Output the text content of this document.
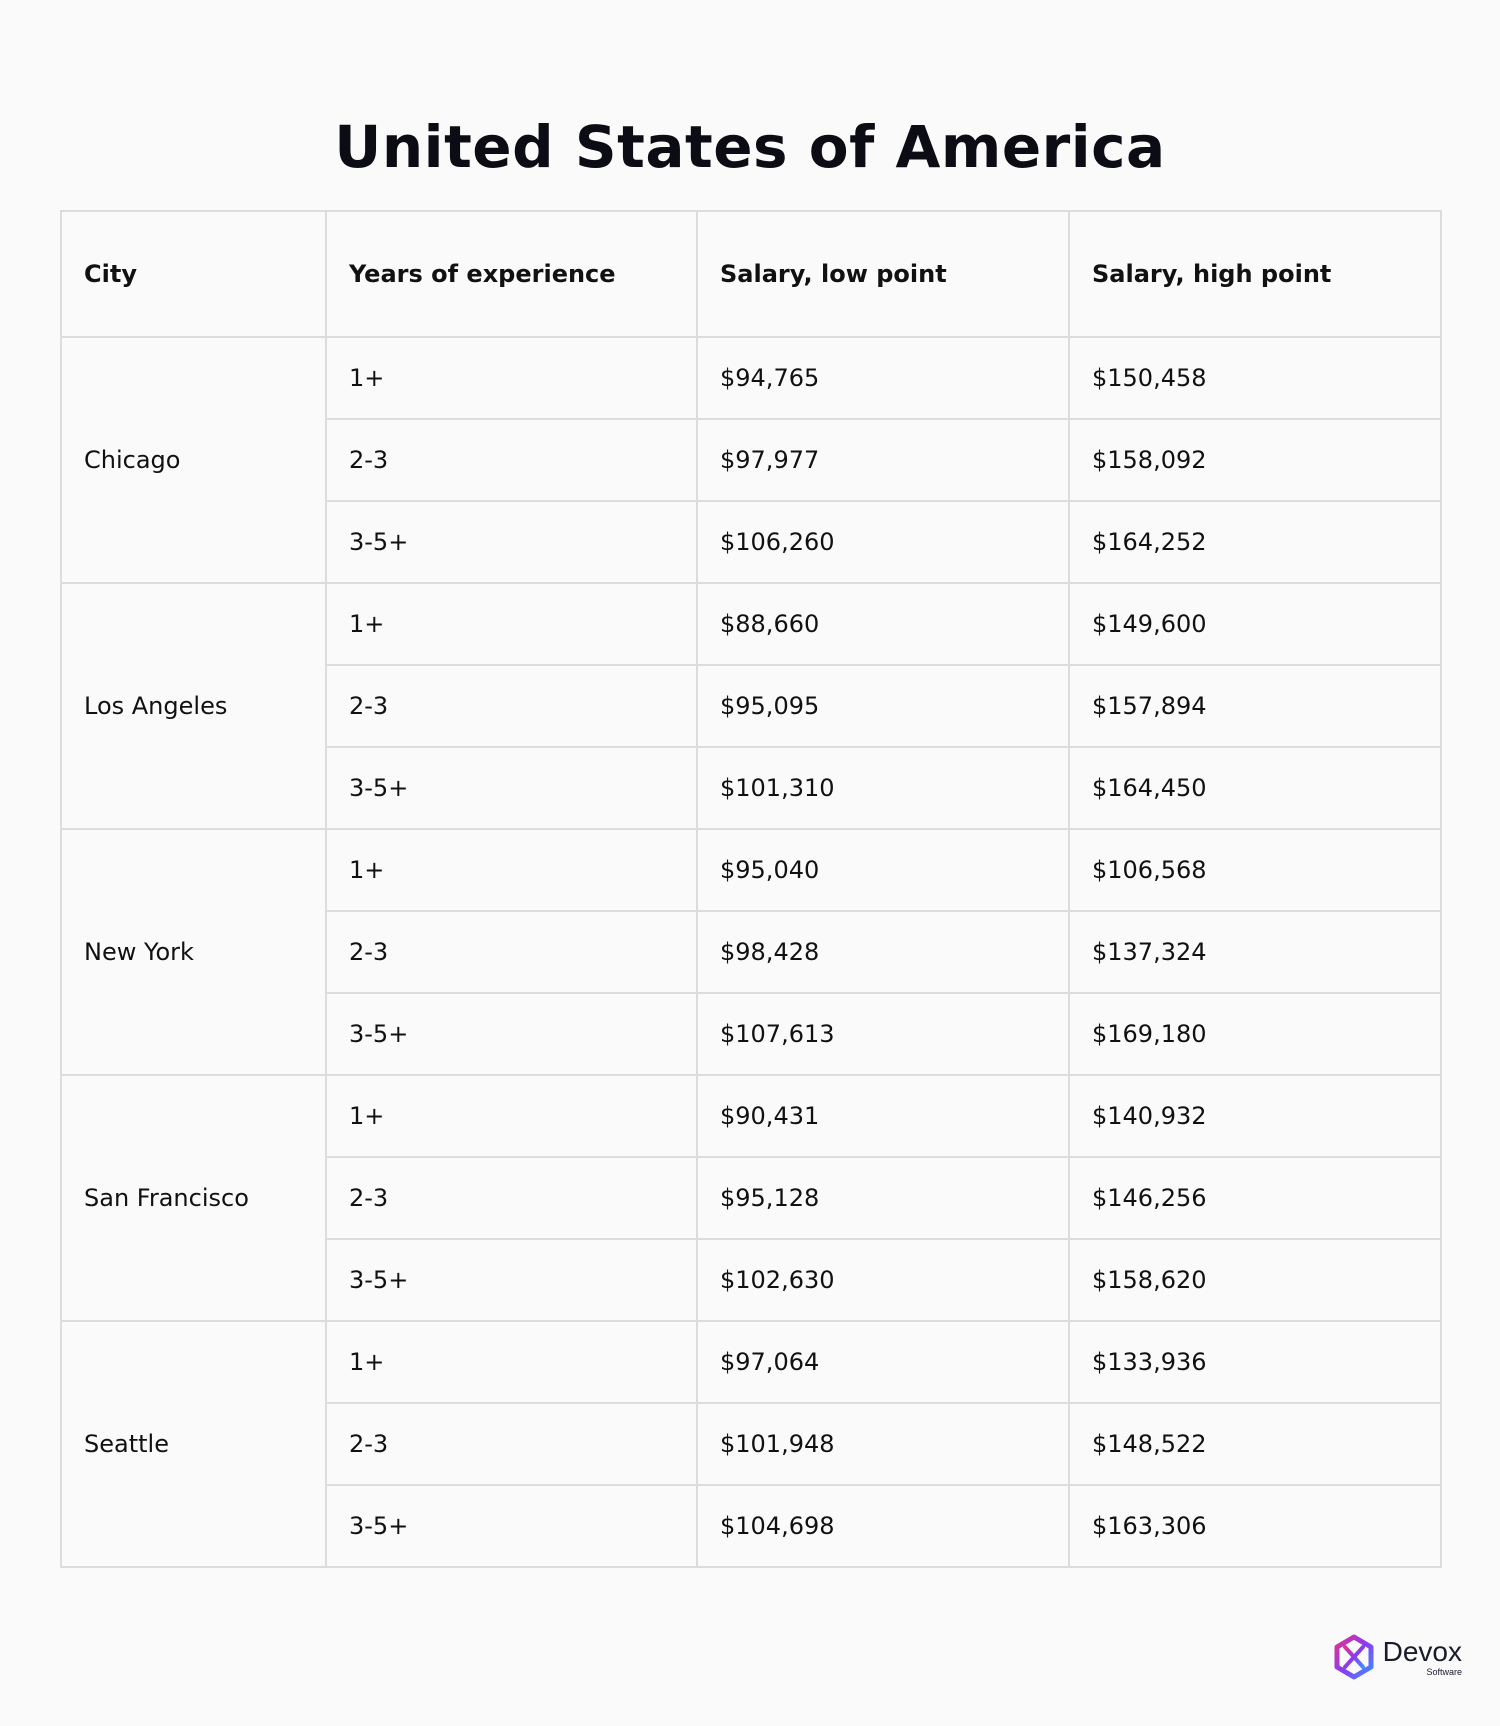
United States of America
City	Years of experience	Salary, low point	Salary, high point
Chicago	1+	$94,765	$150,458
	2-3	$97,977	$158,092
	3-5+	$106,260	$164,252
Los Angeles	1+	$88,660	$149,600
	2-3	$95,095	$157,894
	3-5+	$101,310	$164,450
New York	1+	$95,040	$106,568
	2-3	$98,428	$137,324
	3-5+	$107,613	$169,180
San Francisco	1+	$90,431	$140,932
	2-3	$95,128	$146,256
	3-5+	$102,630	$158,620
Seattle	1+	$97,064	$133,936
	2-3	$101,948	$148,522
	3-5+	$104,698	$163,306
Devox
Software
